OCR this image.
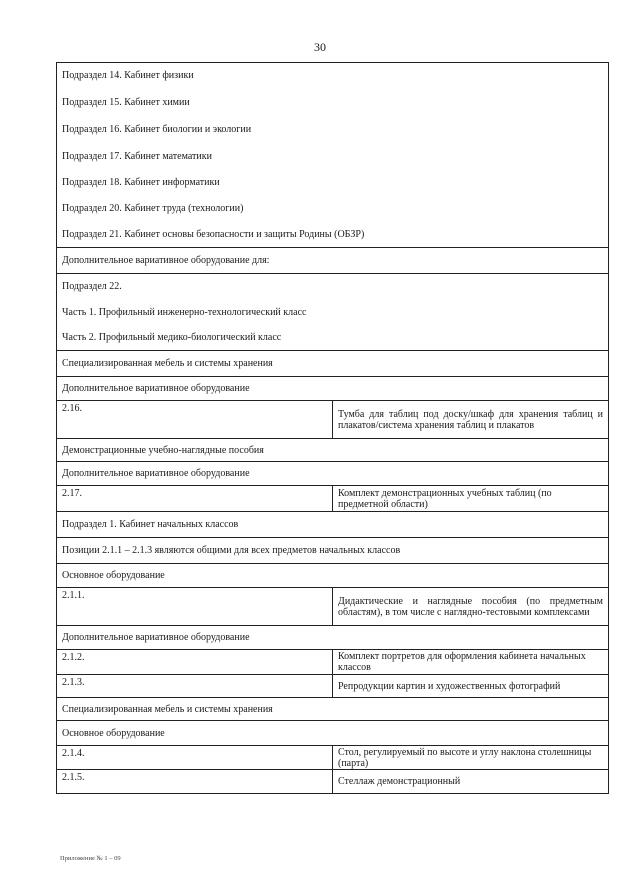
30
Подраздел 14. Кабинет физики	
Подраздел 15. Кабинет химии	
Подраздел 16. Кабинет биологии и экологии	
Подраздел 17. Кабинет математики	
Подраздел 18. Кабинет информатики	
Подраздел 20. Кабинет труда (технологии)	
Подраздел 21. Кабинет основы безопасности и защиты Родины (ОБЗР)	
Дополнительное вариативное оборудование для:	
Подраздел 22.	
Часть 1. Профильный инженерно-технологический класс	
Часть 2. Профильный медико-биологический класс	
Специализированная мебель и системы хранения	
Дополнительное вариативное оборудование	
2.16.	Тумба для таблиц под доску/шкаф для хранения таблиц и плакатов/система хранения таблиц и плакатов
Демонстрационные учебно-наглядные пособия	
Дополнительное вариативное оборудование	
2.17.	Комплект демонстрационных учебных таблиц (по предметной области)
Подраздел 1. Кабинет начальных классов	
Позиции 2.1.1 – 2.1.3 являются общими для всех предметов начальных классов	
Основное оборудование	
2.1.1.	Дидактические и наглядные пособия (по предметным областям), в том числе с наглядно-тестовыми комплексами
Дополнительное вариативное оборудование	
2.1.2.	Комплект портретов для оформления кабинета начальных классов
2.1.3.	Репродукции картин и художественных фотографий
Специализированная мебель и системы хранения	
Основное оборудование	
2.1.4.	Стол, регулируемый по высоте и углу наклона столешницы (парта)
2.1.5.	Стеллаж демонстрационный
Приложение № 1 – 09
